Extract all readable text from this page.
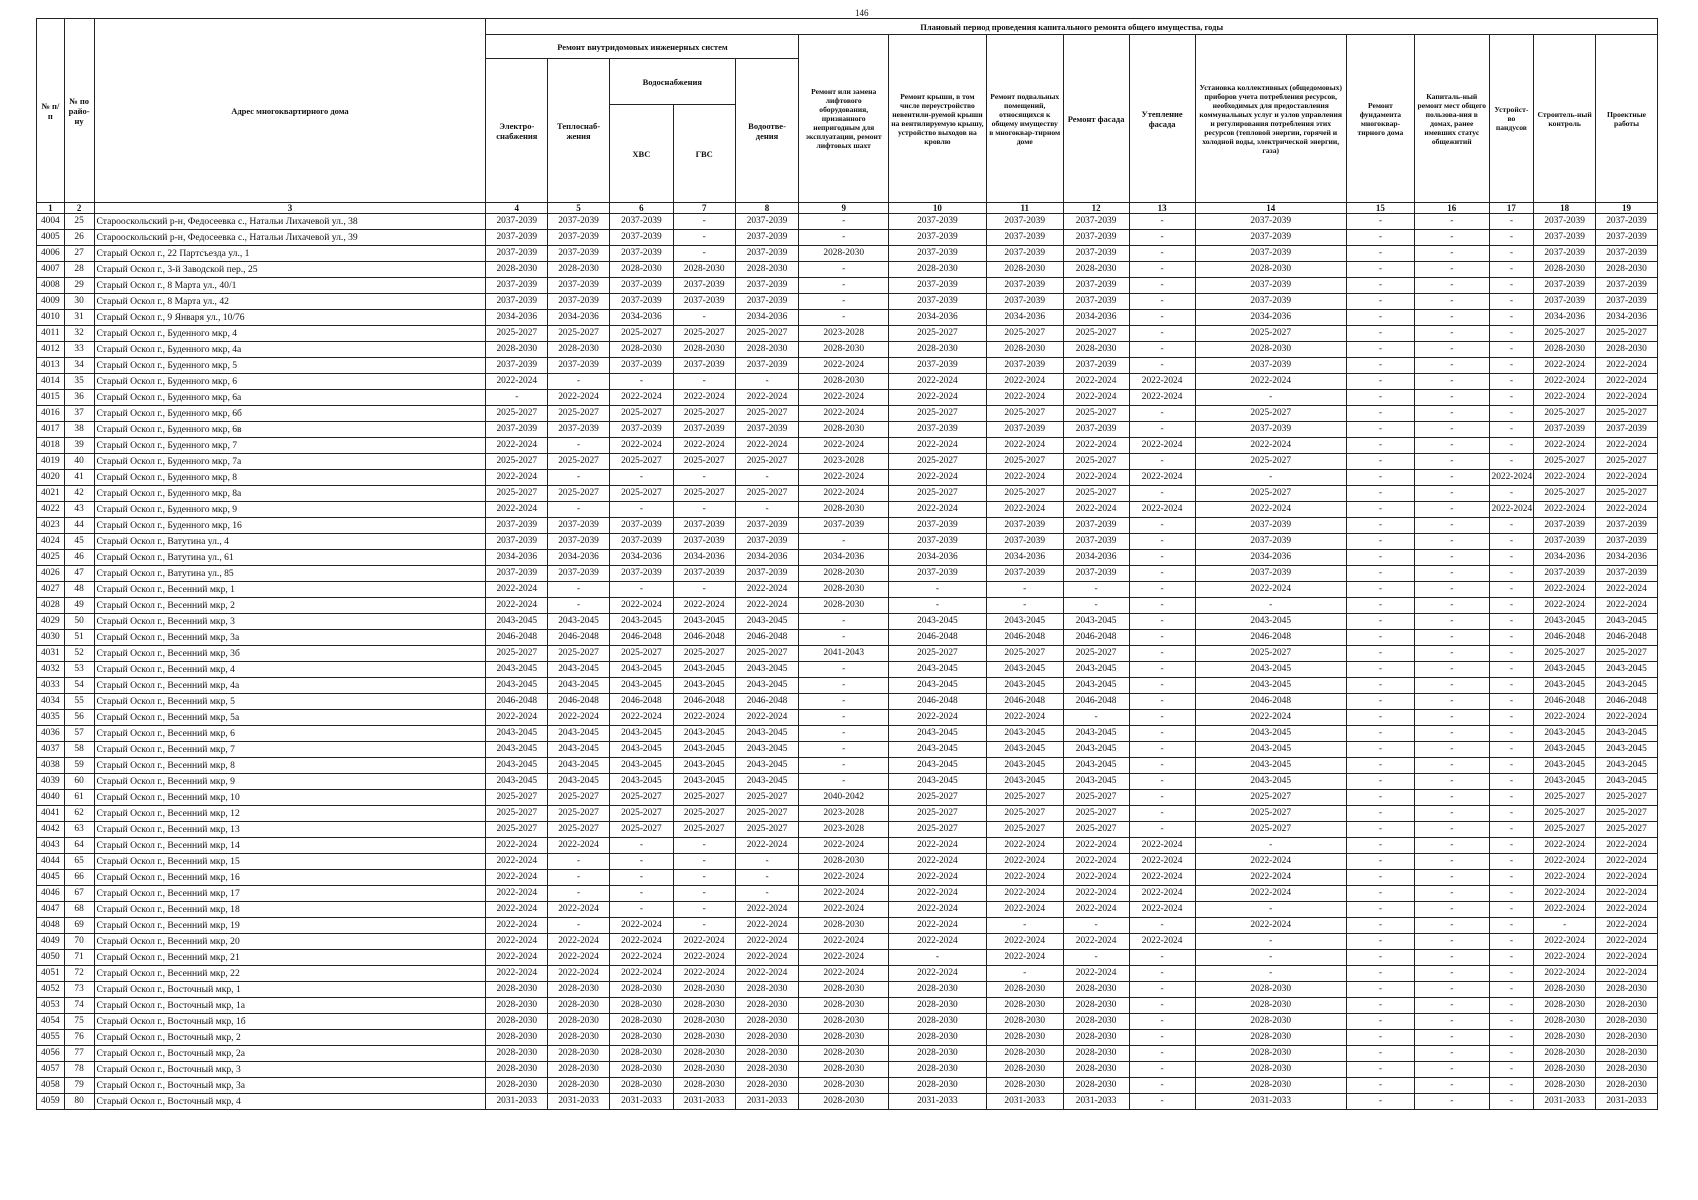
146
№ п/п	№ по райо-ну	Адрес многоквартирного дома	Плановый период проведения капитального ремонта общего имущества, годы															
			Ремонт внутридомовых инженерных систем					Ремонт или замена лифтового оборудования, признанного непригодным для эксплуатации, ремонт лифтовых шахт	Ремонт крыши, в том числе переустройство невентили-руемой крыши на вентилируемую крышу, устройство выходов на кровлю	Ремонт подвальных помещений, относящихся к общему имуществу в многоквар-тирном доме	Ремонт фасада	Утепление фасада	Установка коллективных (общедомовых) приборов учета потребления ресурсов, необходимых для предоставления коммунальных услуг и узлов управления и регулирования потребления этих ресурсов (тепловой энергии, горячей и холодной воды, электрической энергии, газа)	Ремонт фундамента многоквар-тирного дома	Капиталь-ный ремонт мест общего пользова-ния в домах, ранее имевших статус общежитий	Устройст-во пандусов	Строитель-ный контроль	Проектные работы
			Электро-снабжения	Теплоснаб-жения	Водоснабжения		Водоотве-дения											
					ХВС	ГВС												
1	2	3	4	5	6	7	8	9	10	11	12	13	14	15	16	17	18	19
4004	25	Старооскольский р-н, Федосеевка с., Натальи Лихачевой ул., 38	2037-2039	2037-2039	2037-2039	-	2037-2039	-	2037-2039	2037-2039	2037-2039	-	2037-2039	-	-	-	2037-2039	2037-2039
4005	26	Старооскольский р-н, Федосеевка с., Натальи Лихачевой ул., 39	2037-2039	2037-2039	2037-2039	-	2037-2039	-	2037-2039	2037-2039	2037-2039	-	2037-2039	-	-	-	2037-2039	2037-2039
4006	27	Старый Оскол г., 22 Партсъезда ул., 1	2037-2039	2037-2039	2037-2039	-	2037-2039	2028-2030	2037-2039	2037-2039	2037-2039	-	2037-2039	-	-	-	2037-2039	2037-2039
4007	28	Старый Оскол г., 3-й Заводской пер., 25	2028-2030	2028-2030	2028-2030	2028-2030	2028-2030	-	2028-2030	2028-2030	2028-2030	-	2028-2030	-	-	-	2028-2030	2028-2030
4008	29	Старый Оскол г., 8 Марта ул., 40/1	2037-2039	2037-2039	2037-2039	2037-2039	2037-2039	-	2037-2039	2037-2039	2037-2039	-	2037-2039	-	-	-	2037-2039	2037-2039
4009	30	Старый Оскол г., 8 Марта ул., 42	2037-2039	2037-2039	2037-2039	2037-2039	2037-2039	-	2037-2039	2037-2039	2037-2039	-	2037-2039	-	-	-	2037-2039	2037-2039
4010	31	Старый Оскол г., 9 Января ул., 10/76	2034-2036	2034-2036	2034-2036	-	2034-2036	-	2034-2036	2034-2036	2034-2036	-	2034-2036	-	-	-	2034-2036	2034-2036
4011	32	Старый Оскол г., Буденного мкр, 4	2025-2027	2025-2027	2025-2027	2025-2027	2025-2027	2023-2028	2025-2027	2025-2027	2025-2027	-	2025-2027	-	-	-	2025-2027	2025-2027
4012	33	Старый Оскол г., Буденного мкр, 4а	2028-2030	2028-2030	2028-2030	2028-2030	2028-2030	2028-2030	2028-2030	2028-2030	2028-2030	-	2028-2030	-	-	-	2028-2030	2028-2030
4013	34	Старый Оскол г., Буденного мкр, 5	2037-2039	2037-2039	2037-2039	2037-2039	2037-2039	2022-2024	2037-2039	2037-2039	2037-2039	-	2037-2039	-	-	-	2022-2024	2022-2024
4014	35	Старый Оскол г., Буденного мкр, 6	2022-2024	-	-	-	-	2028-2030	2022-2024	2022-2024	2022-2024	2022-2024	2022-2024	-	-	-	2022-2024	2022-2024
4015	36	Старый Оскол г., Буденного мкр, 6а	-	2022-2024	2022-2024	2022-2024	2022-2024	2022-2024	2022-2024	2022-2024	2022-2024	2022-2024	-	-	-	-	2022-2024	2022-2024
4016	37	Старый Оскол г., Буденного мкр, 6б	2025-2027	2025-2027	2025-2027	2025-2027	2025-2027	2022-2024	2025-2027	2025-2027	2025-2027	-	2025-2027	-	-	-	2025-2027	2025-2027
4017	38	Старый Оскол г., Буденного мкр, 6в	2037-2039	2037-2039	2037-2039	2037-2039	2037-2039	2028-2030	2037-2039	2037-2039	2037-2039	-	2037-2039	-	-	-	2037-2039	2037-2039
4018	39	Старый Оскол г., Буденного мкр, 7	2022-2024	-	2022-2024	2022-2024	2022-2024	2022-2024	2022-2024	2022-2024	2022-2024	2022-2024	2022-2024	-	-	-	2022-2024	2022-2024
4019	40	Старый Оскол г., Буденного мкр, 7а	2025-2027	2025-2027	2025-2027	2025-2027	2025-2027	2023-2028	2025-2027	2025-2027	2025-2027	-	2025-2027	-	-	-	2025-2027	2025-2027
4020	41	Старый Оскол г., Буденного мкр, 8	2022-2024	-	-	-	-	2022-2024	2022-2024	2022-2024	2022-2024	2022-2024	-	-	-	2022-2024	2022-2024	2022-2024
4021	42	Старый Оскол г., Буденного мкр, 8а	2025-2027	2025-2027	2025-2027	2025-2027	2025-2027	2022-2024	2025-2027	2025-2027	2025-2027	-	2025-2027	-	-	-	2025-2027	2025-2027
4022	43	Старый Оскол г., Буденного мкр, 9	2022-2024	-	-	-	-	2028-2030	2022-2024	2022-2024	2022-2024	2022-2024	2022-2024	-	-	2022-2024	2022-2024	2022-2024
4023	44	Старый Оскол г., Буденного мкр, 16	2037-2039	2037-2039	2037-2039	2037-2039	2037-2039	2037-2039	2037-2039	2037-2039	2037-2039	-	2037-2039	-	-	-	2037-2039	2037-2039
4024	45	Старый Оскол г., Ватутина ул., 4	2037-2039	2037-2039	2037-2039	2037-2039	2037-2039	-	2037-2039	2037-2039	2037-2039	-	2037-2039	-	-	-	2037-2039	2037-2039
4025	46	Старый Оскол г., Ватутина ул., 61	2034-2036	2034-2036	2034-2036	2034-2036	2034-2036	2034-2036	2034-2036	2034-2036	2034-2036	-	2034-2036	-	-	-	2034-2036	2034-2036
4026	47	Старый Оскол г., Ватутина ул., 85	2037-2039	2037-2039	2037-2039	2037-2039	2037-2039	2028-2030	2037-2039	2037-2039	2037-2039	-	2037-2039	-	-	-	2037-2039	2037-2039
4027	48	Старый Оскол г., Весенний мкр, 1	2022-2024	-	-	-	2022-2024	2028-2030	-	-	-	-	2022-2024	-	-	-	2022-2024	2022-2024
4028	49	Старый Оскол г., Весенний мкр, 2	2022-2024	-	2022-2024	2022-2024	2022-2024	2028-2030	-	-	-	-	-	-	-	-	2022-2024	2022-2024
4029	50	Старый Оскол г., Весенний мкр, 3	2043-2045	2043-2045	2043-2045	2043-2045	2043-2045	-	2043-2045	2043-2045	2043-2045	-	2043-2045	-	-	-	2043-2045	2043-2045
4030	51	Старый Оскол г., Весенний мкр, 3а	2046-2048	2046-2048	2046-2048	2046-2048	2046-2048	-	2046-2048	2046-2048	2046-2048	-	2046-2048	-	-	-	2046-2048	2046-2048
4031	52	Старый Оскол г., Весенний мкр, 3б	2025-2027	2025-2027	2025-2027	2025-2027	2025-2027	2041-2043	2025-2027	2025-2027	2025-2027	-	2025-2027	-	-	-	2025-2027	2025-2027
4032	53	Старый Оскол г., Весенний мкр, 4	2043-2045	2043-2045	2043-2045	2043-2045	2043-2045	-	2043-2045	2043-2045	2043-2045	-	2043-2045	-	-	-	2043-2045	2043-2045
4033	54	Старый Оскол г., Весенний мкр, 4а	2043-2045	2043-2045	2043-2045	2043-2045	2043-2045	-	2043-2045	2043-2045	2043-2045	-	2043-2045	-	-	-	2043-2045	2043-2045
4034	55	Старый Оскол г., Весенний мкр, 5	2046-2048	2046-2048	2046-2048	2046-2048	2046-2048	-	2046-2048	2046-2048	2046-2048	-	2046-2048	-	-	-	2046-2048	2046-2048
4035	56	Старый Оскол г., Весенний мкр, 5а	2022-2024	2022-2024	2022-2024	2022-2024	2022-2024	-	2022-2024	2022-2024	-	-	2022-2024	-	-	-	2022-2024	2022-2024
4036	57	Старый Оскол г., Весенний мкр, 6	2043-2045	2043-2045	2043-2045	2043-2045	2043-2045	-	2043-2045	2043-2045	2043-2045	-	2043-2045	-	-	-	2043-2045	2043-2045
4037	58	Старый Оскол г., Весенний мкр, 7	2043-2045	2043-2045	2043-2045	2043-2045	2043-2045	-	2043-2045	2043-2045	2043-2045	-	2043-2045	-	-	-	2043-2045	2043-2045
4038	59	Старый Оскол г., Весенний мкр, 8	2043-2045	2043-2045	2043-2045	2043-2045	2043-2045	-	2043-2045	2043-2045	2043-2045	-	2043-2045	-	-	-	2043-2045	2043-2045
4039	60	Старый Оскол г., Весенний мкр, 9	2043-2045	2043-2045	2043-2045	2043-2045	2043-2045	-	2043-2045	2043-2045	2043-2045	-	2043-2045	-	-	-	2043-2045	2043-2045
4040	61	Старый Оскол г., Весенний мкр, 10	2025-2027	2025-2027	2025-2027	2025-2027	2025-2027	2040-2042	2025-2027	2025-2027	2025-2027	-	2025-2027	-	-	-	2025-2027	2025-2027
4041	62	Старый Оскол г., Весенний мкр, 12	2025-2027	2025-2027	2025-2027	2025-2027	2025-2027	2023-2028	2025-2027	2025-2027	2025-2027	-	2025-2027	-	-	-	2025-2027	2025-2027
4042	63	Старый Оскол г., Весенний мкр, 13	2025-2027	2025-2027	2025-2027	2025-2027	2025-2027	2023-2028	2025-2027	2025-2027	2025-2027	-	2025-2027	-	-	-	2025-2027	2025-2027
4043	64	Старый Оскол г., Весенний мкр, 14	2022-2024	2022-2024	-	-	2022-2024	2022-2024	2022-2024	2022-2024	2022-2024	2022-2024	-	-	-	-	2022-2024	2022-2024
4044	65	Старый Оскол г., Весенний мкр, 15	2022-2024	-	-	-	-	2028-2030	2022-2024	2022-2024	2022-2024	2022-2024	2022-2024	-	-	-	2022-2024	2022-2024
4045	66	Старый Оскол г., Весенний мкр, 16	2022-2024	-	-	-	-	2022-2024	2022-2024	2022-2024	2022-2024	2022-2024	2022-2024	-	-	-	2022-2024	2022-2024
4046	67	Старый Оскол г., Весенний мкр, 17	2022-2024	-	-	-	-	2022-2024	2022-2024	2022-2024	2022-2024	2022-2024	2022-2024	-	-	-	2022-2024	2022-2024
4047	68	Старый Оскол г., Весенний мкр, 18	2022-2024	2022-2024	-	-	2022-2024	2022-2024	2022-2024	2022-2024	2022-2024	2022-2024	-	-	-	-	2022-2024	2022-2024
4048	69	Старый Оскол г., Весенний мкр, 19	2022-2024	-	2022-2024	-	2022-2024	2028-2030	2022-2024	-	-	-	2022-2024	-	-	-	-	2022-2024
4049	70	Старый Оскол г., Весенний мкр, 20	2022-2024	2022-2024	2022-2024	2022-2024	2022-2024	2022-2024	2022-2024	2022-2024	2022-2024	2022-2024	-	-	-	-	2022-2024	2022-2024
4050	71	Старый Оскол г., Весенний мкр, 21	2022-2024	2022-2024	2022-2024	2022-2024	2022-2024	2022-2024	-	2022-2024	-	-	-	-	-	-	2022-2024	2022-2024
4051	72	Старый Оскол г., Весенний мкр, 22	2022-2024	2022-2024	2022-2024	2022-2024	2022-2024	2022-2024	2022-2024	-	2022-2024	-	-	-	-	-	2022-2024	2022-2024
4052	73	Старый Оскол г., Восточный мкр, 1	2028-2030	2028-2030	2028-2030	2028-2030	2028-2030	2028-2030	2028-2030	2028-2030	2028-2030	-	2028-2030	-	-	-	2028-2030	2028-2030
4053	74	Старый Оскол г., Восточный мкр, 1а	2028-2030	2028-2030	2028-2030	2028-2030	2028-2030	2028-2030	2028-2030	2028-2030	2028-2030	-	2028-2030	-	-	-	2028-2030	2028-2030
4054	75	Старый Оскол г., Восточный мкр, 1б	2028-2030	2028-2030	2028-2030	2028-2030	2028-2030	2028-2030	2028-2030	2028-2030	2028-2030	-	2028-2030	-	-	-	2028-2030	2028-2030
4055	76	Старый Оскол г., Восточный мкр, 2	2028-2030	2028-2030	2028-2030	2028-2030	2028-2030	2028-2030	2028-2030	2028-2030	2028-2030	-	2028-2030	-	-	-	2028-2030	2028-2030
4056	77	Старый Оскол г., Восточный мкр, 2а	2028-2030	2028-2030	2028-2030	2028-2030	2028-2030	2028-2030	2028-2030	2028-2030	2028-2030	-	2028-2030	-	-	-	2028-2030	2028-2030
4057	78	Старый Оскол г., Восточный мкр, 3	2028-2030	2028-2030	2028-2030	2028-2030	2028-2030	2028-2030	2028-2030	2028-2030	2028-2030	-	2028-2030	-	-	-	2028-2030	2028-2030
4058	79	Старый Оскол г., Восточный мкр, 3а	2028-2030	2028-2030	2028-2030	2028-2030	2028-2030	2028-2030	2028-2030	2028-2030	2028-2030	-	2028-2030	-	-	-	2028-2030	2028-2030
4059	80	Старый Оскол г., Восточный мкр, 4	2031-2033	2031-2033	2031-2033	2031-2033	2031-2033	2028-2030	2031-2033	2031-2033	2031-2033	-	2031-2033	-	-	-	2031-2033	2031-2033
